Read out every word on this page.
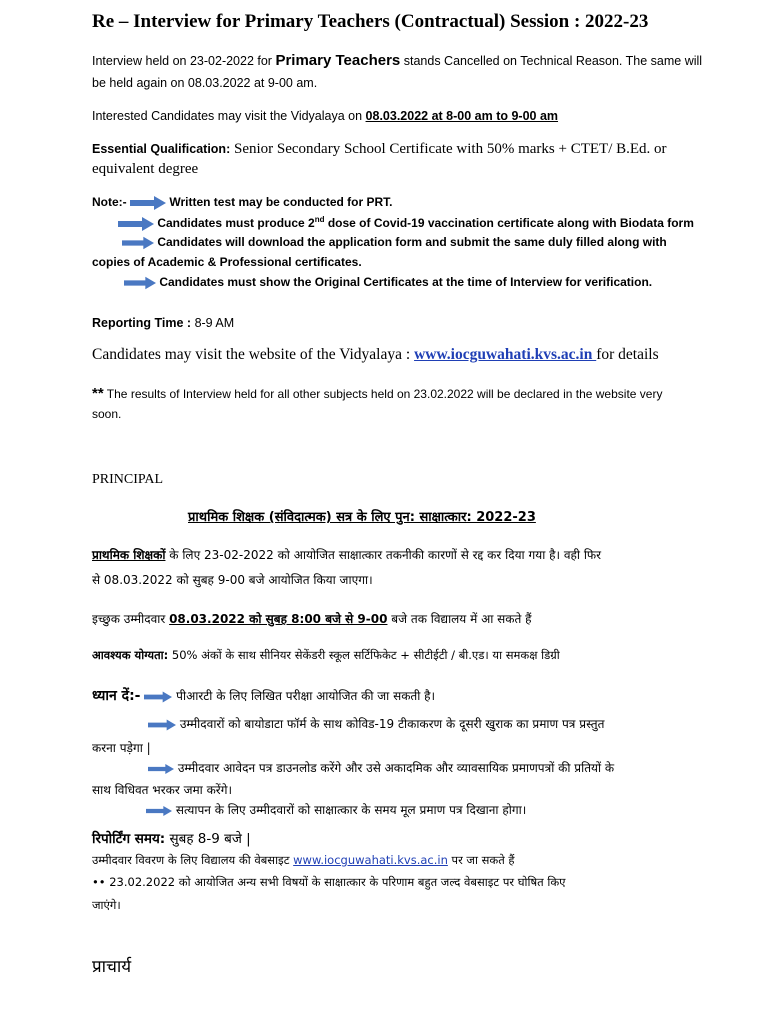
Re – Interview for Primary Teachers (Contractual) Session : 2022-23
Interview held on 23-02-2022 for Primary Teachers stands Cancelled on Technical Reason. The same will
be held again on 08.03.2022 at 9-00 am.
Interested Candidates may visit the Vidyalaya on 08.03.2022 at 8-00 am to 9-00 am
Essential Qualification: Senior Secondary School Certificate with 50% marks + CTET/ B.Ed. or
equivalent degree
Note:-	Written test may be conducted for PRT.
Candidates must produce 2nd dose of Covid-19 vaccination certificate along with Biodata form
Candidates will download the application form and submit the same duly filled along with
copies of Academic & Professional certificates.
Candidates must show the Original Certificates at the time of Interview for verification.
Reporting Time : 8-9 AM
Candidates may visit the website of the Vidyalaya : www.iocguwahati.kvs.ac.in for details
** The results of Interview held for all other subjects held on 23.02.2022 will be declared in the website very
soon.
PRINCIPAL
प्राथमिक शिक्षक (संविदात्मक) सत्र के लिए पुन: साक्षात्कार: 2022-23
प्राथमिक शिक्षकों के लिए 23-02-2022 को आयोजित साक्षात्कार तकनीकी कारणों से रद्द कर दिया गया है। वही फिर
से 08.03.2022 को सुबह 9-00 बजे आयोजित किया जाएगा।
इच्छुक उम्मीदवार 08.03.2022 को सुबह 8:00 बजे से 9-00 बजे तक विद्यालय में आ सकते हैं
आवश्यक योग्यता: 50% अंकों के साथ सीनियर सेकेंडरी स्कूल सर्टिफिकेट + सीटीईटी / बी.एड। या समकक्ष डिग्री
ध्यान दें:-	पीआरटी के लिए लिखित परीक्षा आयोजित की जा सकती है।
उम्मीदवारों को बायोडाटा फॉर्म के साथ कोविड-19 टीकाकरण के दूसरी खुराक का प्रमाण पत्र प्रस्तुत
करना पड़ेगा |
उम्मीदवार आवेदन पत्र डाउनलोड करेंगे और उसे अकादमिक और व्यावसायिक प्रमाणपत्रों की प्रतियों के
साथ विधिवत भरकर जमा करेंगे।
सत्यापन के लिए उम्मीदवारों को साक्षात्कार के समय मूल प्रमाण पत्र दिखाना होगा।
रिपोर्टिंग समय: सुबह 8-9 बजे |
उम्मीदवार विवरण के लिए विद्यालय की वेबसाइट www.iocguwahati.kvs.ac.in पर जा सकते हैं
•• 23.02.2022 को आयोजित अन्य सभी विषयों के साक्षात्कार के परिणाम बहुत जल्द वेबसाइट पर घोषित किए
जाएंगे।
प्राचार्य
